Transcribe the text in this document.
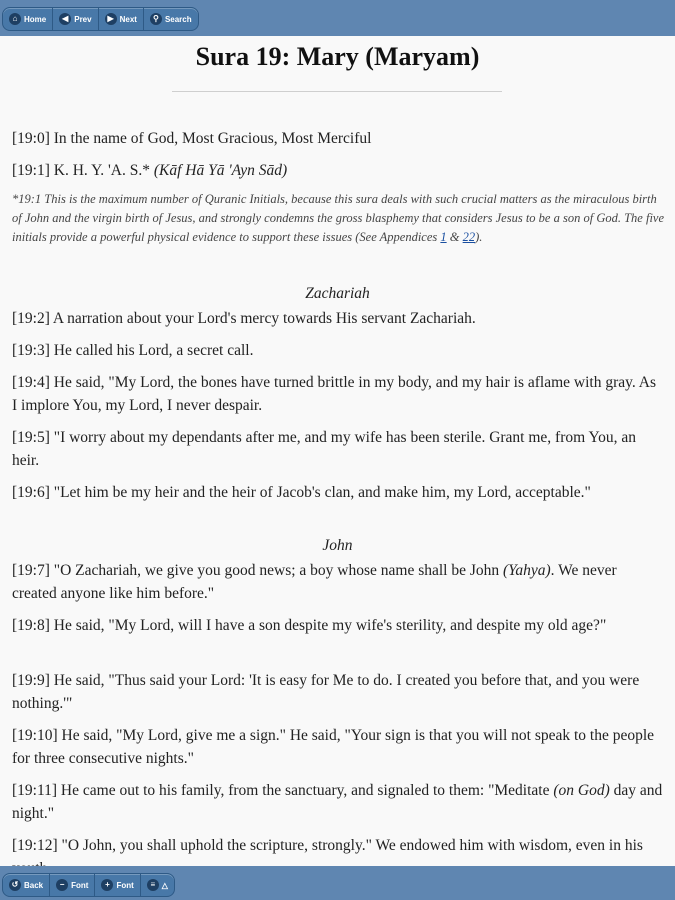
⌂ Home	◀ Prev	▶ Next	⚲ Search
Sura 19: Mary (Maryam)

[19:0] In the name of God, Most Gracious, Most Merciful

[19:1] K. H. Y. 'A. S.* (Kāf Hā Yā 'Ayn Sād)

*19:1 This is the maximum number of Quranic Initials, because this sura deals with such crucial matters as the miraculous birth of John and the virgin birth of Jesus, and strongly condemns the gross blasphemy that considers Jesus to be a son of God. The five initials provide a powerful physical evidence to support these issues (See Appendices 1 & 22).

Zachariah

[19:2] A narration about your Lord's mercy towards His servant Zachariah.

[19:3] He called his Lord, a secret call.

[19:4] He said, "My Lord, the bones have turned brittle in my body, and my hair is aflame with gray. As I implore You, my Lord, I never despair.

[19:5] "I worry about my dependants after me, and my wife has been sterile. Grant me, from You, an heir.

[19:6] "Let him be my heir and the heir of Jacob's clan, and make him, my Lord, acceptable."

John

[19:7] "O Zachariah, we give you good news; a boy whose name shall be John (Yahya). We never created anyone like him before."

[19:8] He said, "My Lord, will I have a son despite my wife's sterility, and despite my old age?"

[19:9] He said, "Thus said your Lord: 'It is easy for Me to do. I created you before that, and you were nothing.'"

[19:10] He said, "My Lord, give me a sign." He said, "Your sign is that you will not speak to the people for three consecutive nights."

[19:11] He came out to his family, from the sanctuary, and signaled to them: "Meditate (on God) day and night."

[19:12] "O John, you shall uphold the scripture, strongly." We endowed him with wisdom, even in his

↺ Back	− Font	+ Font	≡ △
